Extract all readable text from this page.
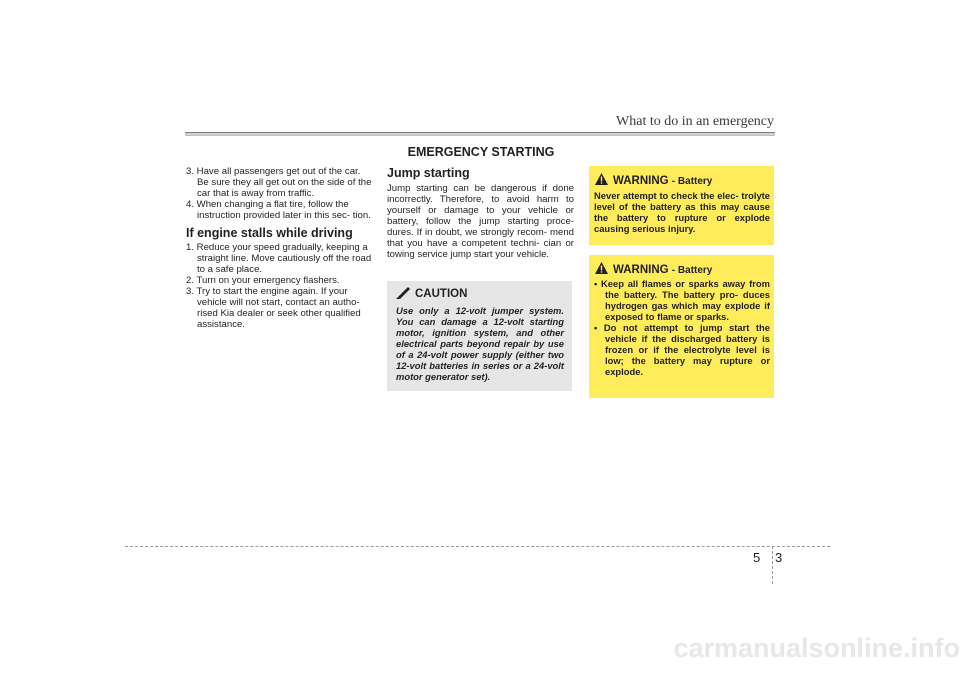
What to do in an emergency
EMERGENCY STARTING

3. Have all passengers get out of the car. Be sure they all get out on the side of the car that is away from traffic.

4. When changing a flat tire, follow the instruction provided later in this sec- tion.

If engine stalls while driving

1. Reduce your speed gradually, keeping a straight line. Move cautiously off the road to a safe place.

2. Turn on your emergency flashers.

3. Try to start the engine again. If your vehicle will not start, contact an autho- rised Kia dealer or seek other qualified assistance.

Jump starting

Jump starting can be dangerous if done incorrectly. Therefore, to avoid harm to yourself or damage to your vehicle or battery, follow the jump starting proce- dures. If in doubt, we strongly recom- mend that you have a competent techni- cian or towing service jump start your vehicle.

CAUTION
Use only a 12-volt jumper system. You can damage a 12-volt starting motor, ignition system, and other electrical parts beyond repair by use of a 24-volt power supply (either two 12-volt batteries in series or a 24-volt motor generator set).
WARNING - Battery
Never attempt to check the elec- trolyte level of the battery as this may cause the battery to rupture or explode causing serious injury.
WARNING - Battery

• Keep all flames or sparks away from the battery. The battery pro- duces hydrogen gas which may explode if exposed to flame or sparks.

• Do not attempt to jump start the vehicle if the discharged battery is frozen or if the electrolyte level is low; the battery may rupture or explode.

5 3
carmanualsonline.info
